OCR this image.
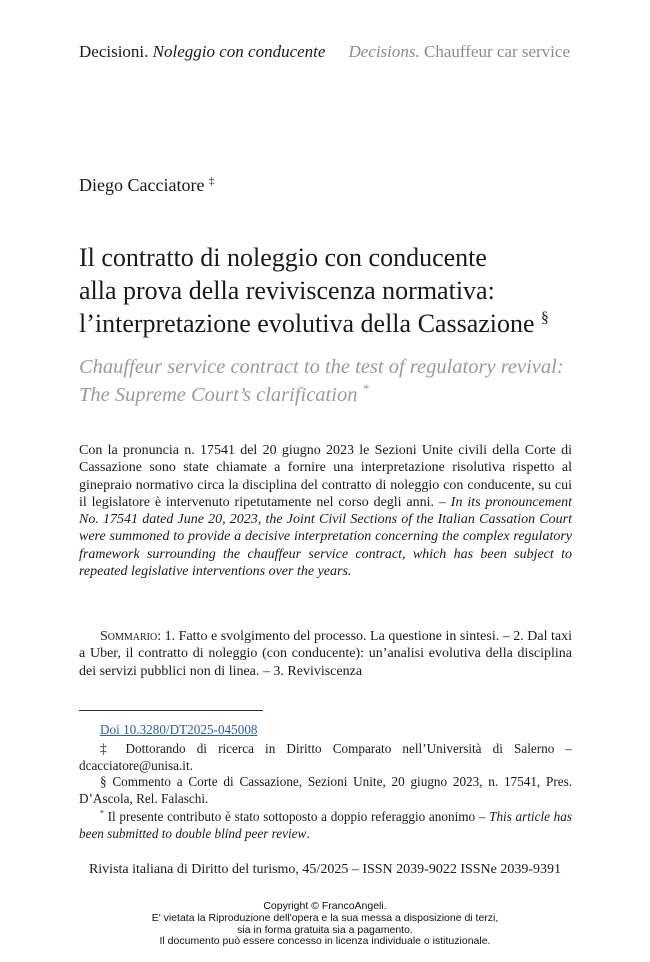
Decisioni. Noleggio con conducente Decisions. Chauffeur car service
Diego Cacciatore ‡
Il contratto di noleggio con conducente
alla prova della reviviscenza normativa:
l’interpretazione evolutiva della Cassazione §
Chauffeur service contract to the test of regulatory revival:
The Supreme Court’s clarification *
Con la pronuncia n. 17541 del 20 giugno 2023 le Sezioni Unite civili della Corte di Cassazione sono state chiamate a fornire una interpretazione risolutiva rispetto al ginepraio normativo circa la disciplina del contratto di noleggio con conducente, su cui il legislatore è intervenuto ripetutamente nel corso degli anni. – In its pronouncement No. 17541 dated June 20, 2023, the Joint Civil Sections of the Italian Cassation Court were summoned to provide a decisive interpretation concerning the complex regulatory framework surrounding the chauffeur service contract, which has been subject to repeated legislative interventions over the years.
Sommario: 1. Fatto e svolgimento del processo. La questione in sintesi. – 2. Dal taxi a Uber, il contratto di noleggio (con conducente): un’analisi evolutiva della disciplina dei servizi pubblici non di linea. – 3. Reviviscenza
Doi 10.3280/DT2025-045008
‡ Dottorando di ricerca in Diritto Comparato nell’Università di Salerno – dcacciatore@unisa.it.
§ Commento a Corte di Cassazione, Sezioni Unite, 20 giugno 2023, n. 17541, Pres. D’Ascola, Rel. Falaschi.
* Il presente contributo è stato sottoposto a doppio referaggio anonimo – This article has been submitted to double blind peer review.
Rivista italiana di Diritto del turismo, 45/2025 – ISSN 2039-9022 ISSNe 2039-9391
Copyright © FrancoAngeli.
E' vietata la Riproduzione dell'opera e la sua messa a disposizione di terzi,
sia in forma gratuita sia a pagamento.
Il documento può essere concesso in licenza individuale o istituzionale.
